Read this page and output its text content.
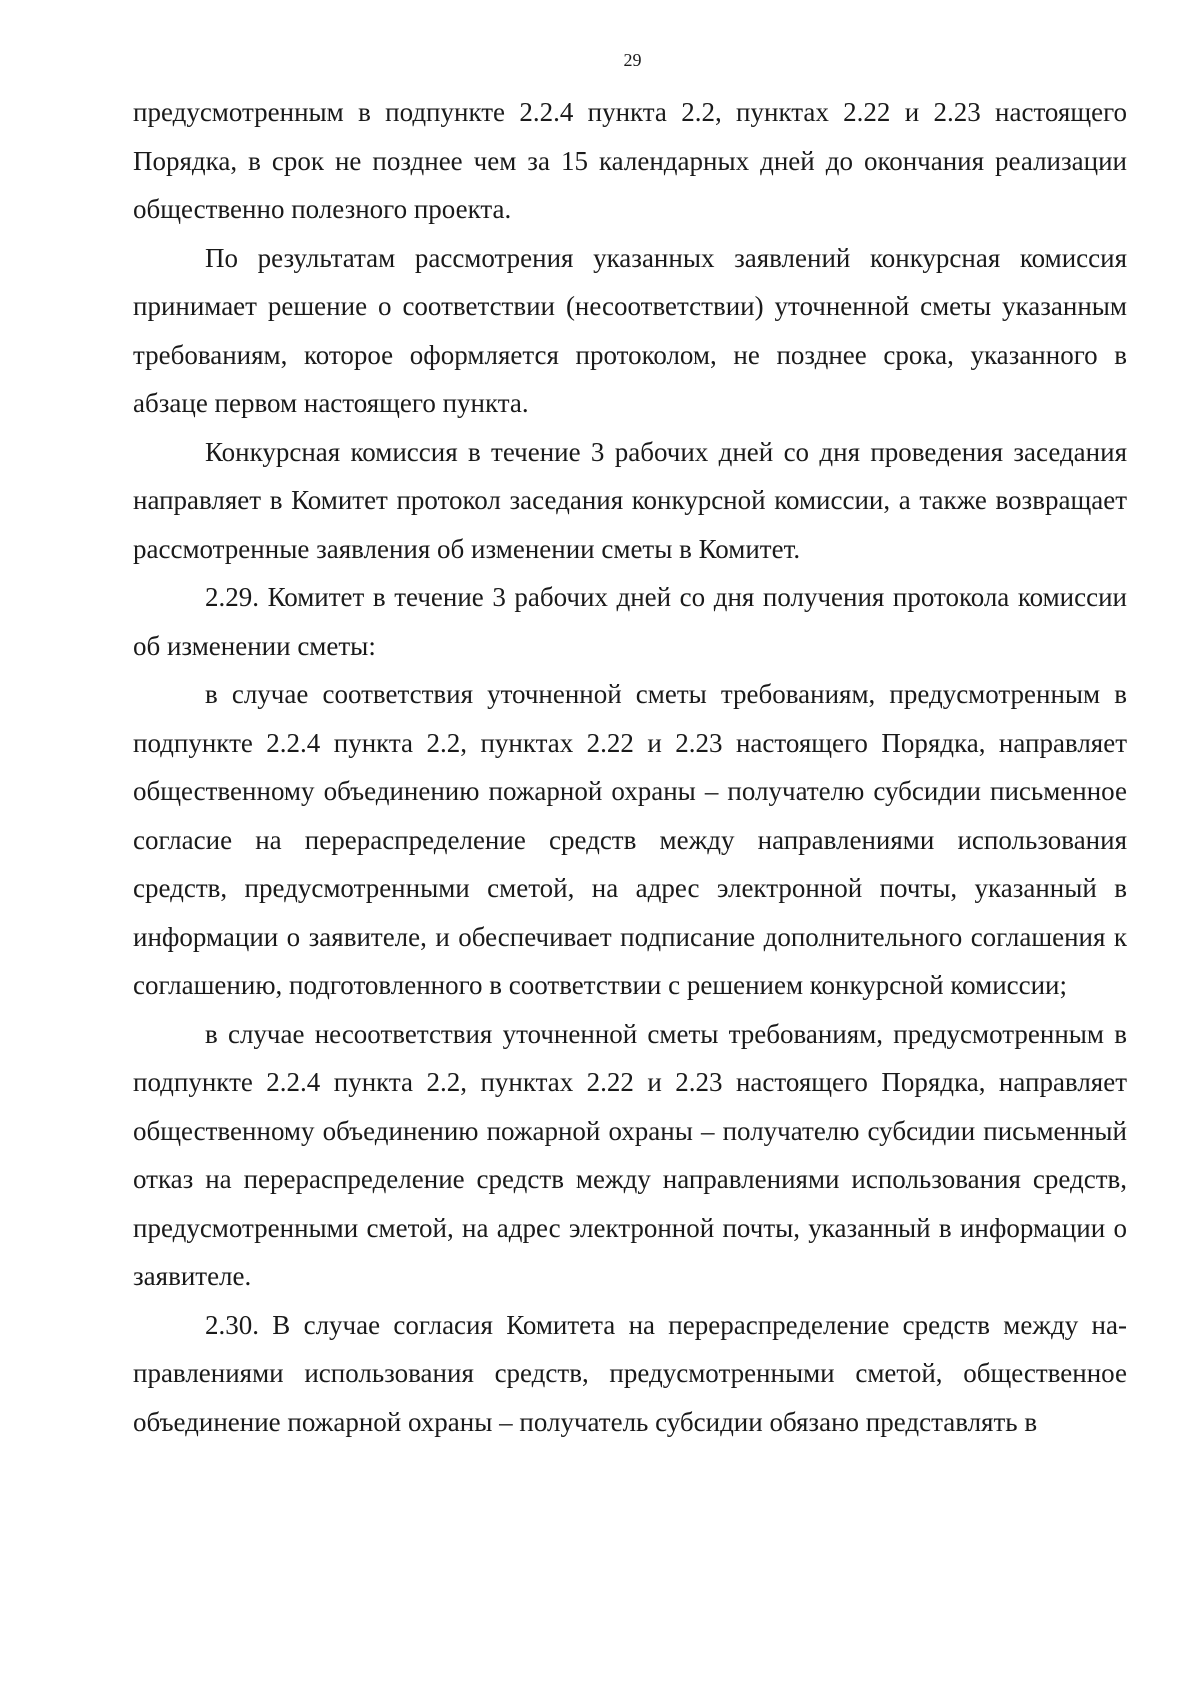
29

предусмотренным в подпункте 2.2.4 пункта 2.2, пунктах 2.22 и 2.23 настоящего Порядка, в срок не позднее чем за 15 календарных дней до окончания реализации общественно полезного проекта.

По результатам рассмотрения указанных заявлений конкурсная комиссия принимает решение о соответствии (несоответствии) уточненной сметы указанным требованиям, которое оформляется протоколом, не позднее срока, указанного в абзаце первом настоящего пункта.

Конкурсная комиссия в течение 3 рабочих дней со дня проведения заседания направляет в Комитет протокол заседания конкурсной комиссии, а также возвращает рассмотренные заявления об изменении сметы в Комитет.

2.29. Комитет в течение 3 рабочих дней со дня получения протокола комиссии об изменении сметы:

в случае соответствия уточненной сметы требованиям, предусмотренным в подпункте 2.2.4 пункта 2.2, пунктах 2.22 и 2.23 настоящего Порядка, направляет общественному объединению пожарной охраны – получателю субсидии письменное согласие на перераспределение средств между направлениями использования средств, предусмотренными сметой, на адрес электронной почты, указанный в информации о заявителе, и обеспечивает подписание дополнительного соглашения к соглашению, подготовленного в соответствии с решением конкурсной комиссии;

в случае несоответствия уточненной сметы требованиям, предусмотренным в подпункте 2.2.4 пункта 2.2, пунктах 2.22 и 2.23 настоящего Порядка, направляет общественному объединению пожарной охраны – получателю субсидии письменный отказ на перераспределение средств между направлениями использования средств, предусмотренными сметой, на адрес электронной почты, указанный в информации о заявителе.

2.30. В случае согласия Комитета на перераспределение средств между направлениями использования средств, предусмотренными сметой, общественное объединение пожарной охраны – получатель субсидии обязано представлять в
